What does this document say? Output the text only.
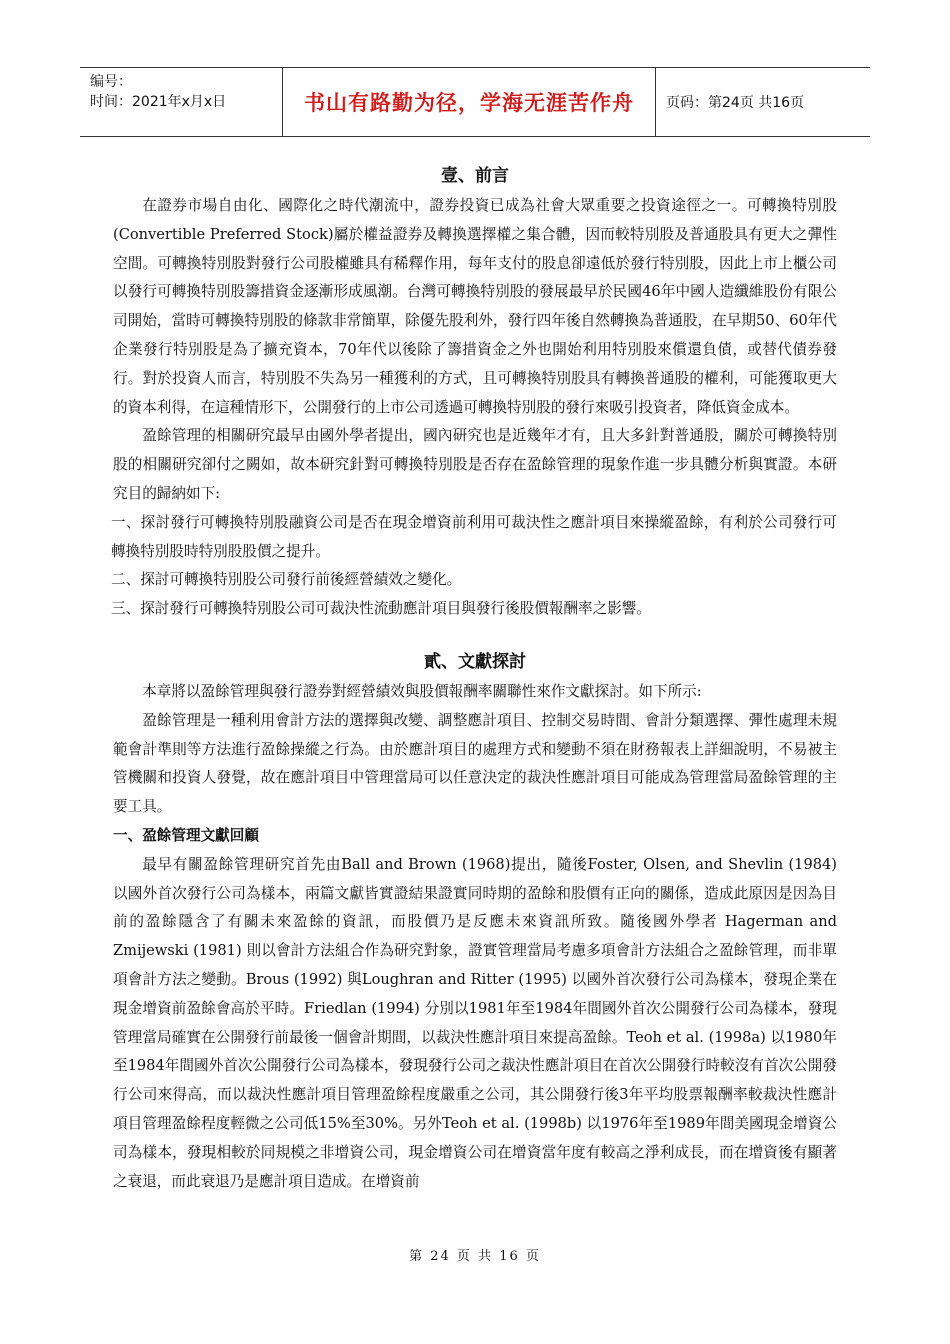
编号：
时间：2021年x月x日	书山有路勤为径，学海无涯苦作舟	页码：第24页 共16页

壹、前言

在證券市場自由化、國際化之時代潮流中，證券投資已成為社會大眾重要之投資途徑之一。可轉換特別股(Convertible Preferred Stock)屬於權益證券及轉換選擇權之集合體，因而較特別股及普通股具有更大之彈性空間。可轉換特別股對發行公司股權雖具有稀釋作用，每年支付的股息卻遠低於發行特別股，因此上市上櫃公司以發行可轉換特別股籌措資金逐漸形成風潮。台灣可轉換特別股的發展最早於民國46年中國人造纖維股份有限公司開始，當時可轉換特別股的條款非常簡單，除優先股利外，發行四年後自然轉換為普通股，在早期50、60年代企業發行特別股是為了擴充資本，70年代以後除了籌措資金之外也開始利用特別股來償還負債，或替代債券發行。對於投資人而言，特別股不失為另一種獲利的方式，且可轉換特別股具有轉換普通股的權利，可能獲取更大的資本利得，在這種情形下，公開發行的上市公司透過可轉換特別股的發行來吸引投資者，降低資金成本。

盈餘管理的相關研究最早由國外學者提出，國內研究也是近幾年才有，且大多針對普通股，關於可轉換特別股的相關研究卻付之闕如，故本研究針對可轉換特別股是否存在盈餘管理的現象作進一步具體分析與實證。本研究目的歸納如下:

一、探討發行可轉換特別股融資公司是否在現金增資前利用可裁決性之應計項目來操縱盈餘，有利於公司發行可轉換特別股時特別股股價之提升。

二、探討可轉換特別股公司發行前後經營績效之變化。

三、探討發行可轉換特別股公司可裁決性流動應計項目與發行後股價報酬率之影響。

貳、文獻探討

本章將以盈餘管理與發行證券對經營績效與股價報酬率關聯性來作文獻探討。如下所示:

盈餘管理是一種利用會計方法的選擇與改變、調整應計項目、控制交易時間、會計分類選擇、彈性處理未規範會計準則等方法進行盈餘操縱之行為。由於應計項目的處理方式和變動不須在財務報表上詳細說明，不易被主管機關和投資人發覺，故在應計項目中管理當局可以任意決定的裁決性應計項目可能成為管理當局盈餘管理的主要工具。

一、盈餘管理文獻回顧

最早有關盈餘管理研究首先由Ball and Brown (1968)提出，隨後Foster, Olsen, and Shevlin (1984) 以國外首次發行公司為樣本，兩篇文獻皆實證結果證實同時期的盈餘和股價有正向的關係，造成此原因是因為目前的盈餘隱含了有關未來盈餘的資訊，而股價乃是反應未來資訊所致。隨後國外學者 Hagerman and Zmijewski (1981) 則以會計方法組合作為研究對象，證實管理當局考慮多項會計方法組合之盈餘管理，而非單項會計方法之變動。Brous (1992) 與Loughran and Ritter (1995) 以國外首次發行公司為樣本，發現企業在現金增資前盈餘會高於平時。Friedlan (1994) 分別以1981年至1984年間國外首次公開發行公司為樣本，發現管理當局確實在公開發行前最後一個會計期間，以裁決性應計項目來提高盈餘。Teoh et al. (1998a) 以1980年至1984年間國外首次公開發行公司為樣本，發現發行公司之裁決性應計項目在首次公開發行時較沒有首次公開發行公司來得高，而以裁決性應計項目管理盈餘程度嚴重之公司，其公開發行後3年平均股票報酬率較裁決性應計項目管理盈餘程度輕微之公司低15%至30%。另外Teoh et al. (1998b) 以1976年至1989年間美國現金增資公司為樣本，發現相較於同規模之非增資公司，現金增資公司在增資當年度有較高之淨利成長，而在增資後有顯著之衰退，而此衰退乃是應計項目造成。在增資前

第 24 页 共 16 页
